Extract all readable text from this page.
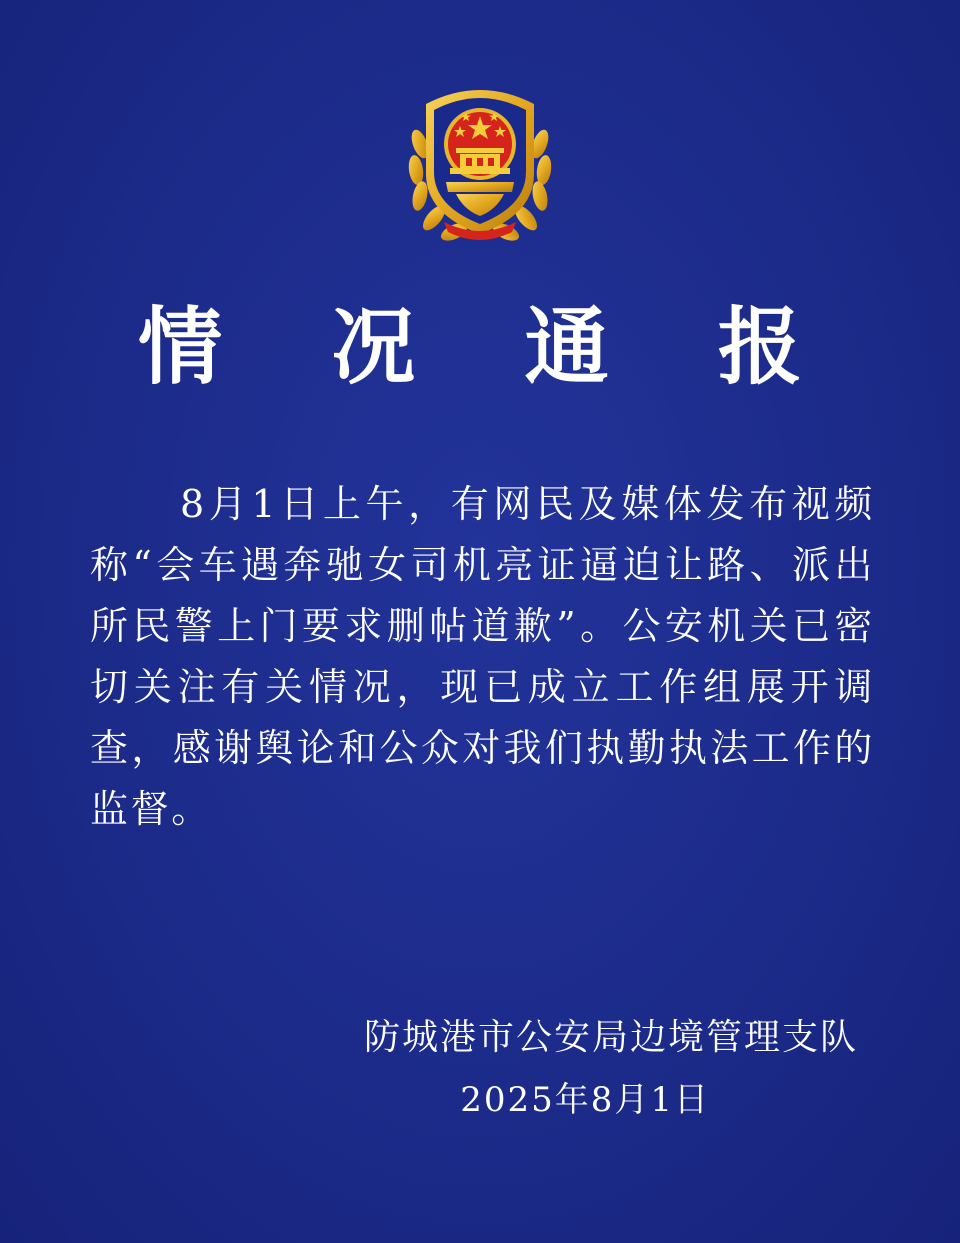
情 况 通 报

8月1日上午，有网民及媒体发布视频称“会车遇奔驰女司机亮证逼迫让路、派出所民警上门要求删帖道歉”。公安机关已密切关注有关情况，现已成立工作组展开调查，感谢舆论和公众对我们执勤执法工作的监督。

防城港市公安局边境管理支队
2025年8月1日
